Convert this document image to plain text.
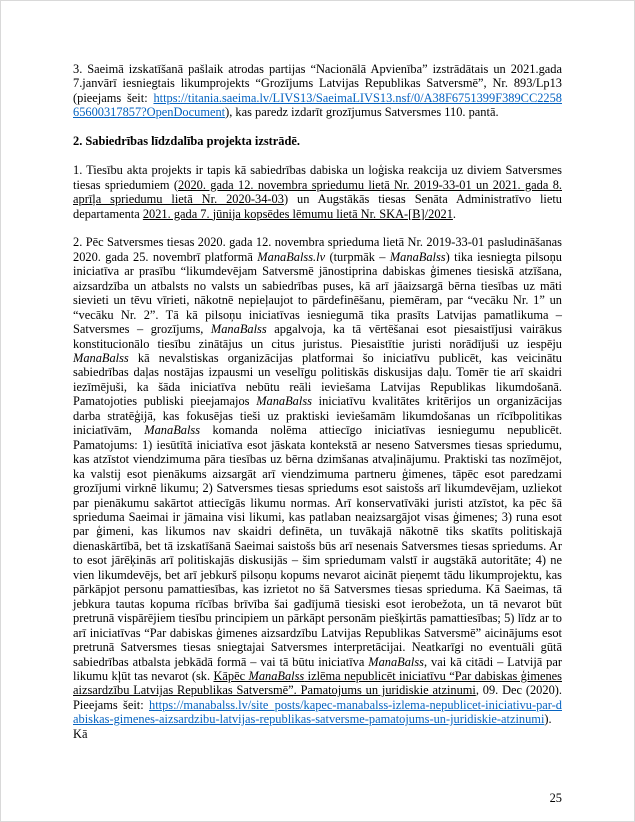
3. Saeimā izskatīšanā pašlaik atrodas partijas “Nacionālā Apvienība” izstrādātais un 2021.gada 7.janvārī iesniegtais likumprojekts “Grozījums Latvijas Republikas Satversmē”, Nr. 893/Lp13 (pieejams šeit: https://titania.saeima.lv/LIVS13/SaeimaLIVS13.nsf/0/A38F6751399F389CC225865600317857?OpenDocument), kas paredz izdarīt grozījumus Satversmes 110. pantā.

2. Sabiedrības līdzdalība projekta izstrādē.

1. Tiesību akta projekts ir tapis kā sabiedrības dabiska un loģiska reakcija uz diviem Satversmes tiesas spriedumiem (2020. gada 12. novembra spriedumu lietā Nr. 2019-33-01 un 2021. gada 8. aprīļa spriedumu lietā Nr. 2020-34-03) un Augstākās tiesas Senāta Administratīvo lietu departamenta 2021. gada 7. jūnija kopsēdes lēmumu lietā Nr. SKA-[B]/2021.

2. Pēc Satversmes tiesas 2020. gada 12. novembra sprieduma lietā Nr. 2019-33-01 pasludināšanas 2020. gada 25. novembrī platformā ManaBalss.lv (turpmāk – ManaBalss) tika iesniegta pilsoņu iniciatīva ar prasību “likumdevējam Satversmē jānostiprina dabiskas ģimenes tiesiskā atzīšana, aizsardzība un atbalsts no valsts un sabiedrības puses, kā arī jāaizsargā bērna tiesības uz māti sievieti un tēvu vīrieti, nākotnē nepieļaujot to pārdefinēšanu, piemēram, par “vecāku Nr. 1” un “vecāku Nr. 2”. Tā kā pilsoņu iniciatīvas iesniegumā tika prasīts Latvijas pamatlikuma – Satversmes – grozījums, ManaBalss apgalvoja, ka tā vērtēšanai esot piesaistījusi vairākus konstitucionālo tiesību zinātājus un citus juristus. Piesaistītie juristi norādījuši uz iespēju ManaBalss kā nevalstiskas organizācijas platformai šo iniciatīvu publicēt, kas veicinātu sabiedrības daļas nostājas izpausmi un veselīgu politiskās diskusijas daļu. Tomēr tie arī skaidri iezīmējuši, ka šāda iniciatīva nebūtu reāli ieviešama Latvijas Republikas likumdošanā. Pamatojoties publiski pieejamajos ManaBalss iniciatīvu kvalitātes kritērijos un organizācijas darba stratēģijā, kas fokusējas tieši uz praktiski ieviešamām likumdošanas un rīcībpolitikas iniciatīvām, ManaBalss komanda nolēma attiecīgo iniciatīvas iesniegumu nepublicēt. Pamatojums: 1) iesūtītā iniciatīva esot jāskata kontekstā ar neseno Satversmes tiesas spriedumu, kas atzīstot viendzimuma pāra tiesības uz bērna dzimšanas atvaļinājumu. Praktiski tas nozīmējot, ka valstij esot pienākums aizsargāt arī viendzimuma partneru ģimenes, tāpēc esot paredzami grozījumi virknē likumu; 2) Satversmes tiesas spriedums esot saistošs arī likumdevējam, uzliekot par pienākumu sakārtot attiecīgās likumu normas. Arī konservatīvāki juristi atzīstot, ka pēc šā sprieduma Saeimai ir jāmaina visi likumi, kas patlaban neaizsargājot visas ģimenes; 3) runa esot par ģimeni, kas likumos nav skaidri definēta, un tuvākajā nākotnē tiks skatīts politiskajā dienaskārtībā, bet tā izskatīšanā Saeimai saistošs būs arī nesenais Satversmes tiesas spriedums. Ar to esot jārēķinās arī politiskajās diskusijās – šim spriedumam valstī ir augstākā autoritāte; 4) ne vien likumdevējs, bet arī jebkurš pilsoņu kopums nevarot aicināt pieņemt tādu likumprojektu, kas pārkāpjot personu pamattiesības, kas izrietot no šā Satversmes tiesas sprieduma. Kā Saeimas, tā jebkura tautas kopuma rīcības brīvība šai gadījumā tiesiski esot ierobežota, un tā nevarot būt pretrunā vispārējiem tiesību principiem un pārkāpt personām piešķirtās pamattiesības; 5) līdz ar to arī iniciatīvas “Par dabiskas ģimenes aizsardzību Latvijas Republikas Satversmē” aicinājums esot pretrunā Satversmes tiesas sniegtajai Satversmes interpretācijai. Neatkarīgi no eventuāli gūtā sabiedrības atbalsta jebkādā formā – vai tā būtu iniciatīva ManaBalss, vai kā citādi – Latvijā par likumu kļūt tas nevarot (sk. Kāpēc ManaBalss izlēma nepublicēt iniciatīvu “Par dabiskas ģimenes aizsardzību Latvijas Republikas Satversmē”. Pamatojums un juridiskie atzinumi, 09. Dec (2020). Pieejams šeit: https://manabalss.lv/site_posts/kapec-manabalss-izlema-nepublicet-iniciativu-par-dabiskas-gimenes-aizsardzibu-latvijas-republikas-satversme-pamatojums-un-juridiskie-atzinumi). Kā

25
